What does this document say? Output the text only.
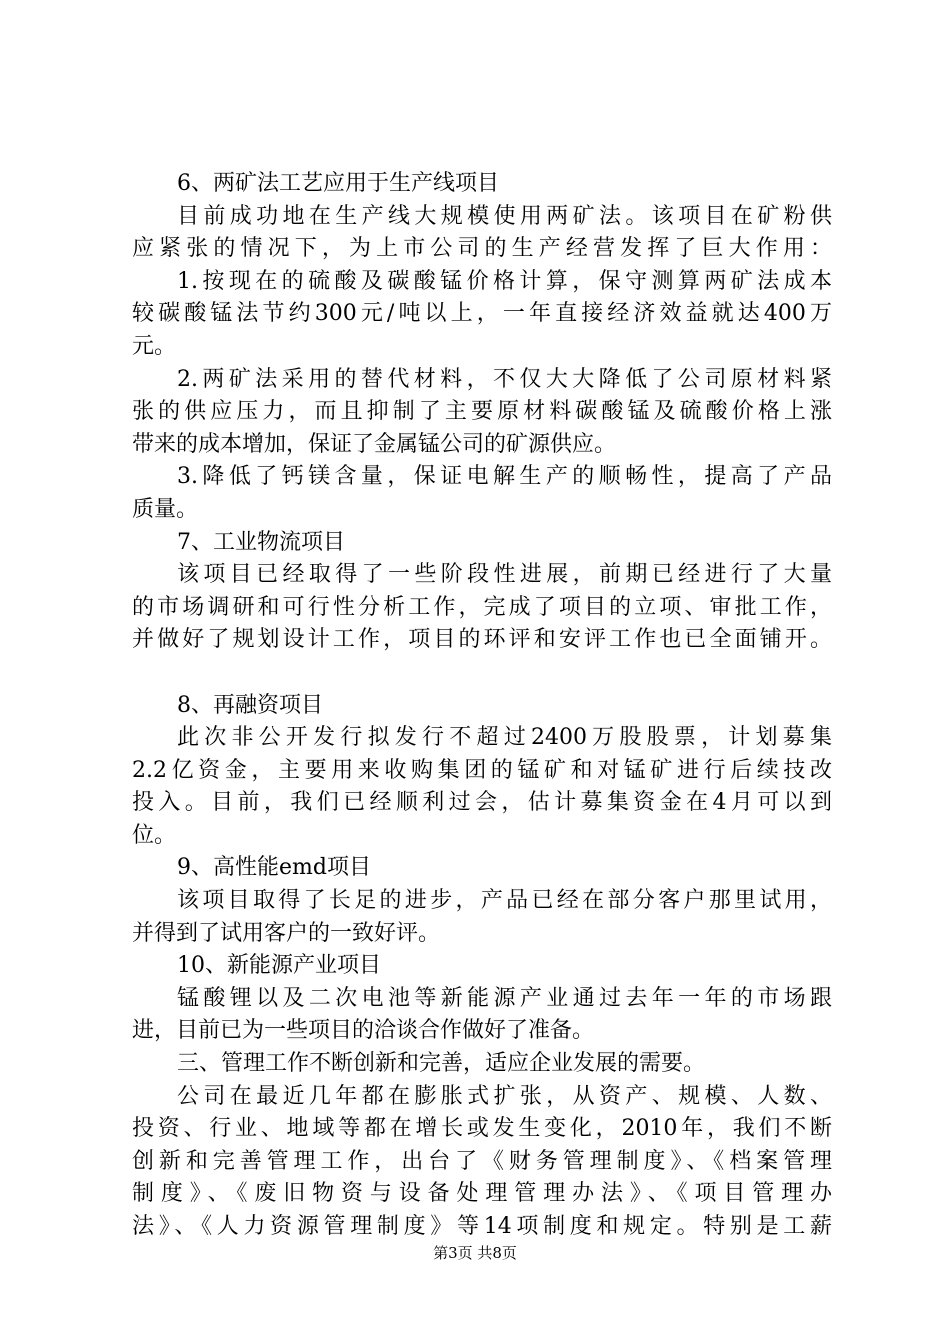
6、两矿法工艺应用于生产线项目
目前成功地在生产线大规模使用两矿法。该项目在矿粉供
应紧张的情况下，为上市公司的生产经营发挥了巨大作用：
1.按现在的硫酸及碳酸锰价格计算，保守测算两矿法成本
较碳酸锰法节约300元/吨以上，一年直接经济效益就达400万
元。
2.两矿法采用的替代材料，不仅大大降低了公司原材料紧
张的供应压力，而且抑制了主要原材料碳酸锰及硫酸价格上涨
带来的成本增加，保证了金属锰公司的矿源供应。
3.降低了钙镁含量，保证电解生产的顺畅性，提高了产品
质量。
7、工业物流项目
该项目已经取得了一些阶段性进展，前期已经进行了大量
的市场调研和可行性分析工作，完成了项目的立项、审批工作，
并做好了规划设计工作，项目的环评和安评工作也已全面铺开。
8、再融资项目
此次非公开发行拟发行不超过2400万股股票，计划募集
2.2亿资金，主要用来收购集团的锰矿和对锰矿进行后续技改
投入。目前，我们已经顺利过会，估计募集资金在4月可以到
位。
9、高性能emd项目
该项目取得了长足的进步，产品已经在部分客户那里试用，
并得到了试用客户的一致好评。
10、新能源产业项目
锰酸锂以及二次电池等新能源产业通过去年一年的市场跟
进，目前已为一些项目的洽谈合作做好了准备。
三、管理工作不断创新和完善，适应企业发展的需要。
公司在最近几年都在膨胀式扩张，从资产、规模、人数、
投资、行业、地域等都在增长或发生变化，2010年，我们不断
创新和完善管理工作，出台了《财务管理制度》、《档案管理
制度》、《废旧物资与设备处理管理办法》、《项目管理办
法》、《人力资源管理制度》等14项制度和规定。特别是工薪
第3页 共8页
